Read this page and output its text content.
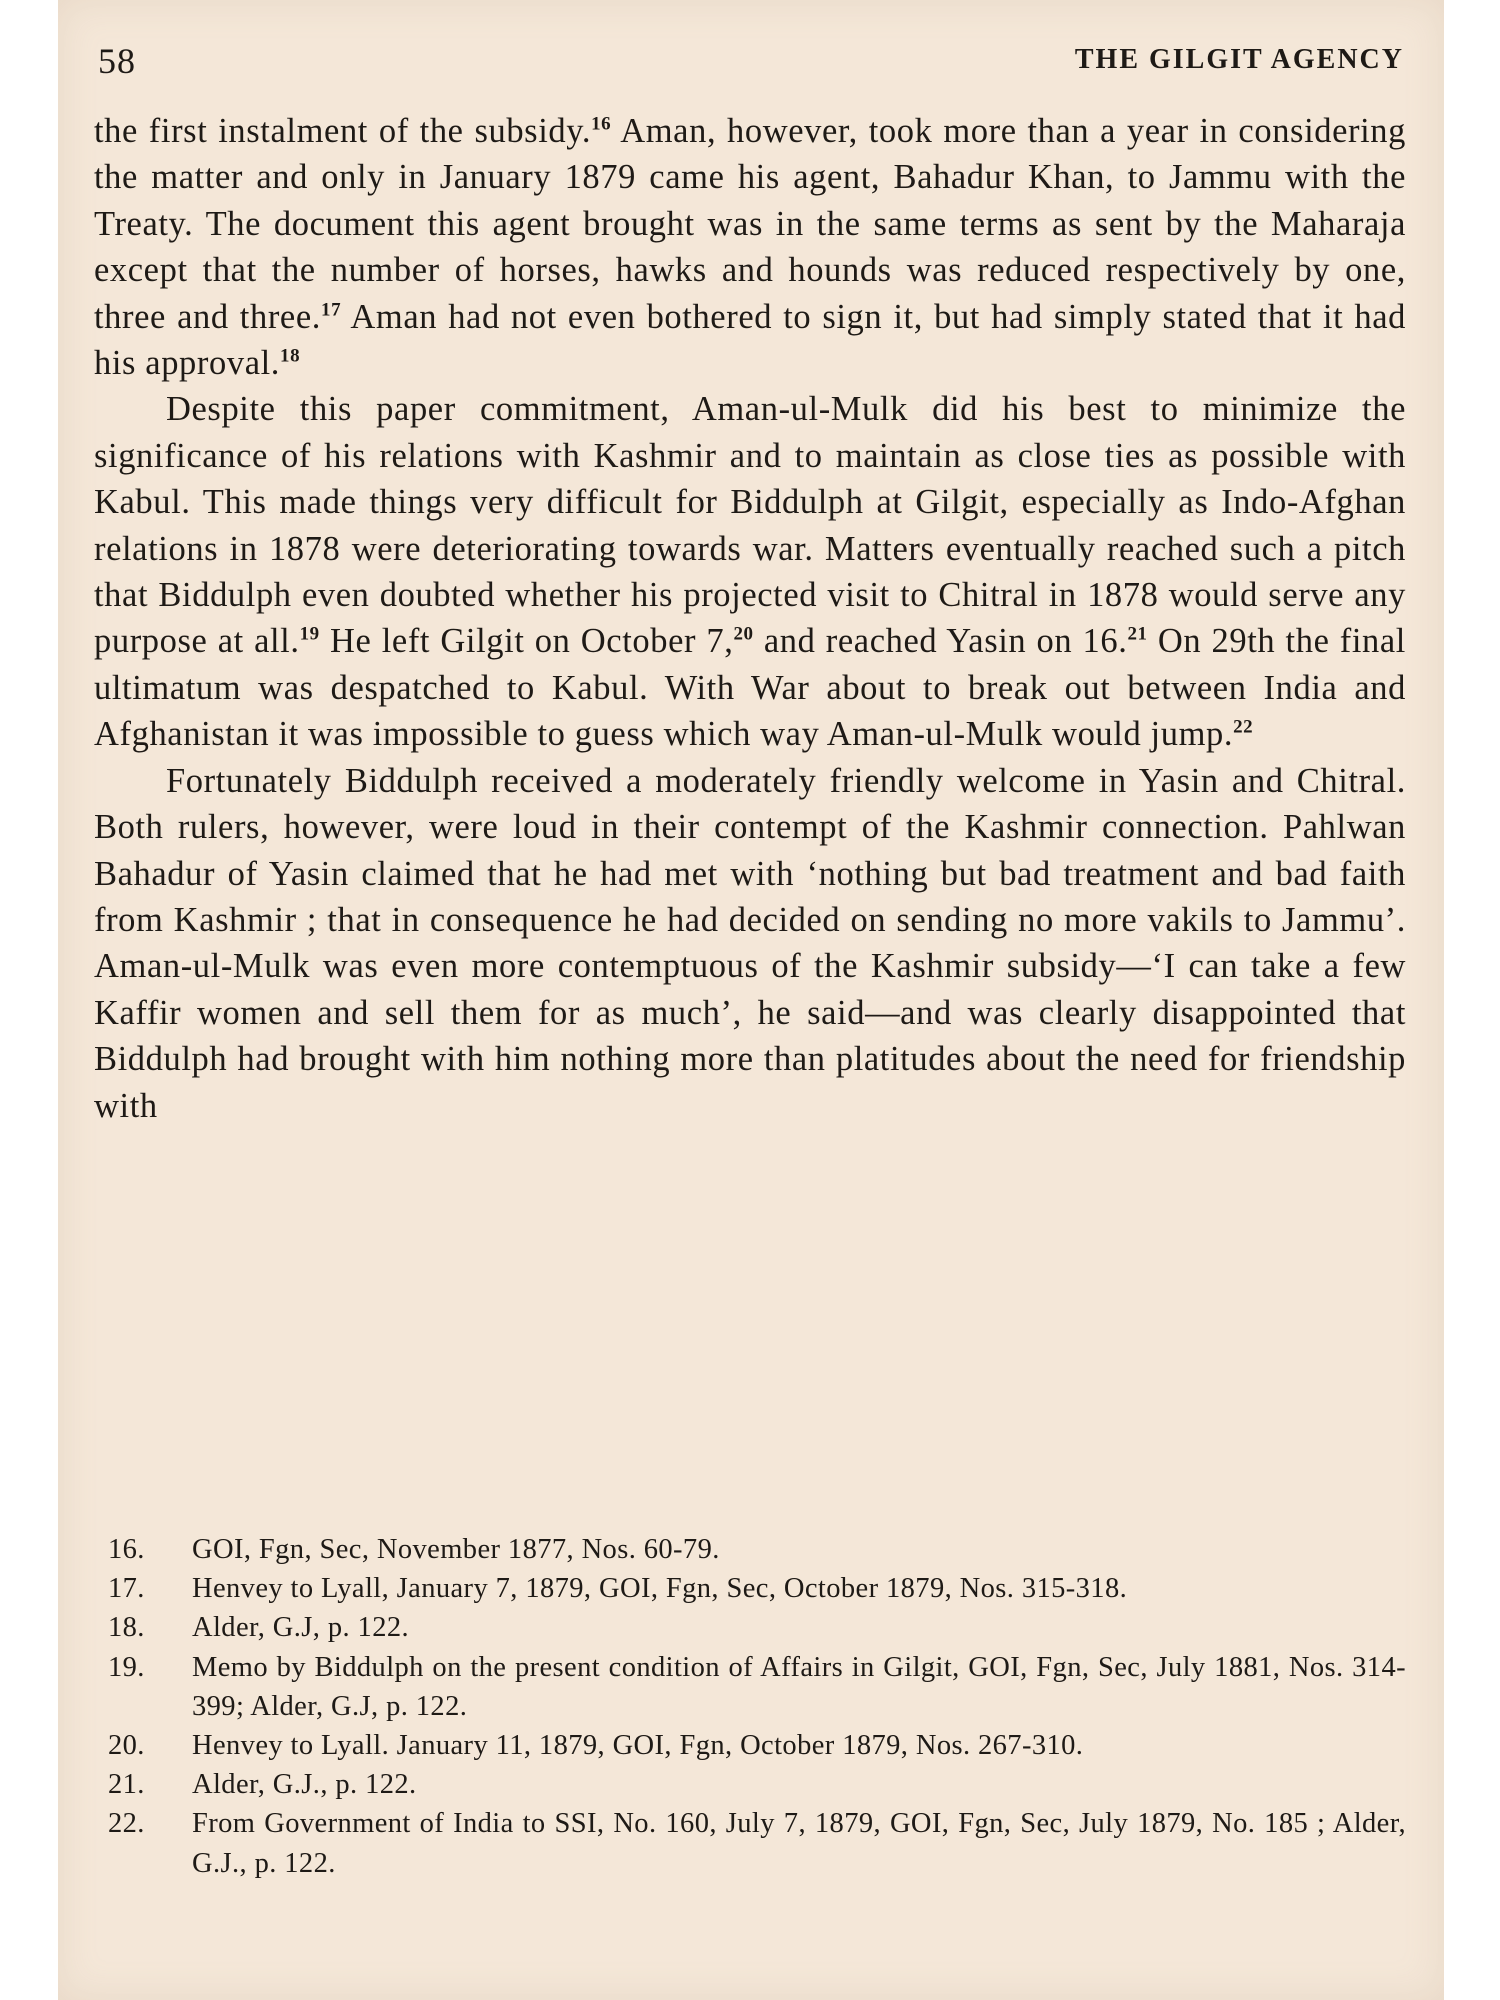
58	THE GILGIT AGENCY

the first instalment of the subsidy.$^{16}$ Aman, however, took more than a year in considering the matter and only in January 1879 came his agent, Bahadur Khan, to Jammu with the Treaty. The document this agent brought was in the same terms as sent by the Maharaja except that the number of horses, hawks and hounds was reduced respectively by one, three and three.$^{17}$ Aman had not even bothered to sign it, but had simply stated that it had his approval.$^{18}$

Despite this paper commitment, Aman-ul-Mulk did his best to minimize the significance of his relations with Kashmir and to maintain as close ties as possible with Kabul. This made things very difficult for Biddulph at Gilgit, especially as Indo-Afghan relations in 1878 were deteriorating towards war. Matters eventually reached such a pitch that Biddulph even doubted whether his projected visit to Chitral in 1878 would serve any purpose at all.$^{19}$ He left Gilgit on October 7,20 and reached Yasin on 16.21 On 29th the final ultimatum was despatched to Kabul. With War about to break out between India and Afghanistan it was impossible to guess which way Aman-ul-Mulk would jump.$^{22}$

Fortunately Biddulph received a moderately friendly welcome in Yasin and Chitral. Both rulers, however, were loud in their contempt of the Kashmir connection. Pahlwan Bahadur of Yasin claimed that he had met with ‘nothing but bad treatment and bad faith from Kashmir ; that in consequence he had decided on sending no more vakils to Jammu’. Aman-ul-Mulk was even more contemptuous of the Kashmir subsidy—‘I can take a few Kaffir women and sell them for as much’, he said—and was clearly disappointed that Biddulph had brought with him nothing more than platitudes about the need for friendship with

16. GOI, Fgn, Sec, November 1877, Nos. 60-79.
17. Henvey to Lyall, January 7, 1879, GOI, Fgn, Sec, October 1879, Nos. 315-318.
18. Alder, G.J, p. 122.
19. Memo by Biddulph on the present condition of Affairs in Gilgit, GOI, Fgn, Sec, July 1881, Nos. 314-399; Alder, G.J, p. 122.
20. Henvey to Lyall. January 11, 1879, GOI, Fgn, October 1879, Nos. 267-310.
21. Alder, G.J., p. 122.
22. From Government of India to SSI, No. 160, July 7, 1879, GOI, Fgn, Sec, July 1879, No. 185 ; Alder, G.J., p. 122.
